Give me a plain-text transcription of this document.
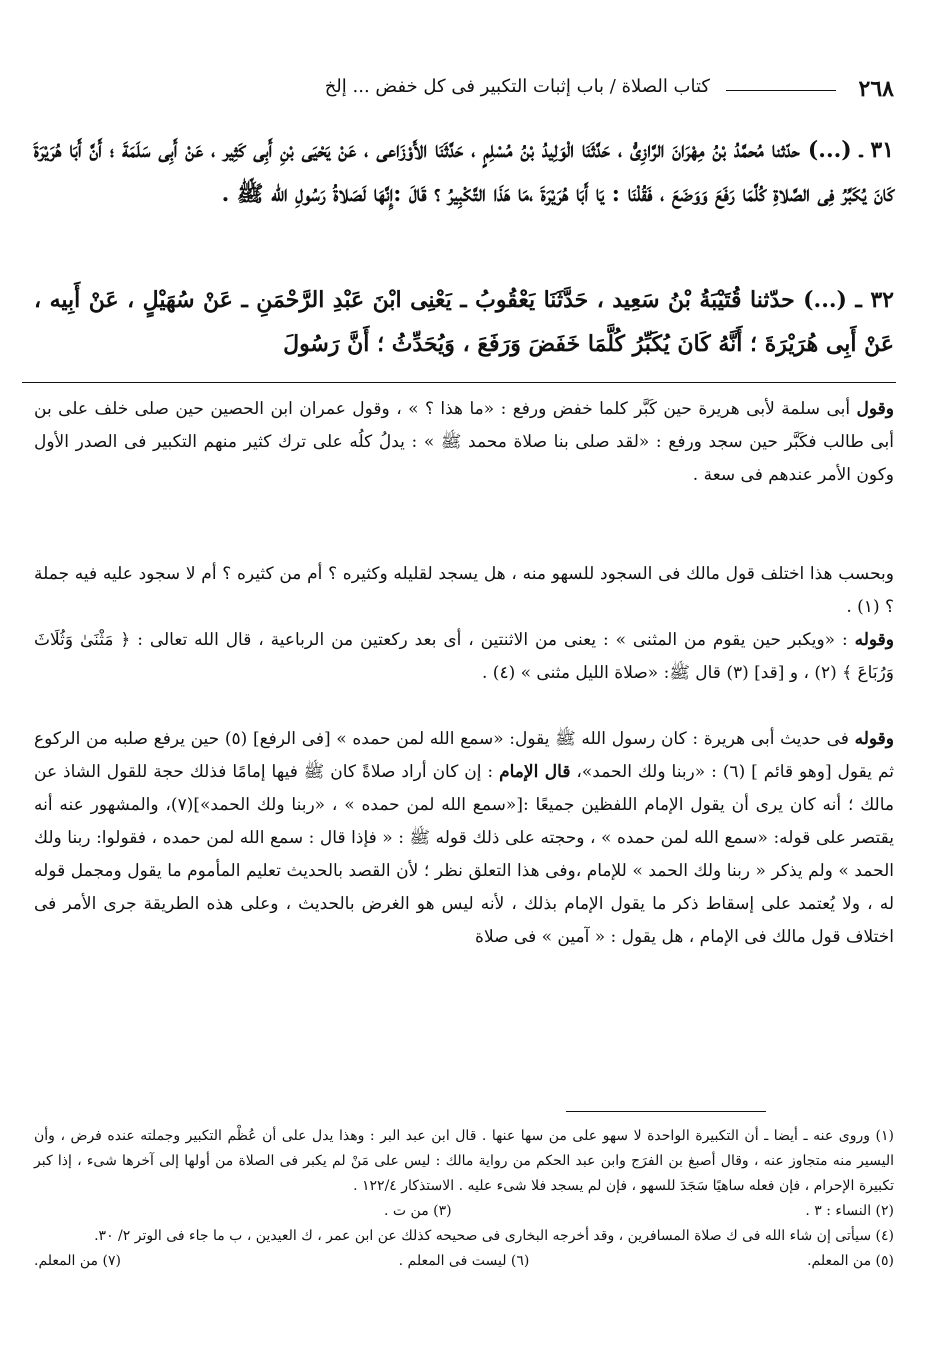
٢٦٨
كتاب الصلاة / باب إثبات التكبير فى كل خفض ... إلخ

٣١ ـ (...) حدّثنا مُحمَّدُ بْنُ مِهْرَانَ الرَّازِىُّ ، حَدَّثَنَا الْوَلِيدُ بْنُ مُسْلِمٍ ، حَدَّثَنَا الأَوْزَاعى ، عَنْ يَحْيَى بْنِ أَبِى كَثِير ، عَنْ أَبِى سَلَمَةَ ؛ أَنَّ أَبَا هُرَيْرَةَ كَانَ يُكَبِّرُ فِى الصَّلاةِ كُلَّمَا رَفَعَ وَوَضَعَ ، فَقُلْنَا : يَا أَبَا هُرَيْرَةَ ،مَا هَذَا التَّكْبِيرُ ؟ قَالَ :إِنَّهَا لَصَلاةُ رَسُولِ الله ﷺ .

٣٢ ـ (...) حدّثنا قُتَيْبَةُ بْنُ سَعِيد ، حَدَّثَنَا يَعْقُوبُ ـ يَعْنِى ابْنَ عَبْدِ الرَّحْمَنِ ـ عَنْ سُهَيْلٍ ، عَنْ أَبِيه ، عَنْ أَبِى هُرَيْرَةَ ؛ أَنَّهُ كَانَ يُكَبِّرُ كُلَّمَا خَفَضَ وَرَفَعَ ، وَيُحَدِّثُ ؛ أَنَّ رَسُولَ

وقول أبى سلمة لأبى هريرة حين كَبَّر كلما خفض ورفع : «ما هذا ؟ » ، وقول عمران ابن الحصين حين صلى خلف على بن أبى طالب فكَبَّر حين سجد ورفع : «لقد صلى بنا صلاة محمد ﷺ » : يدلُ كلُه على ترك كثير منهم التكبير فى الصدر الأول وكون الأمر عندهم فى سعة .

وبحسب هذا اختلف قول مالك فى السجود للسهو منه ، هل يسجد لقليله وكثيره ؟ أم من كثيره ؟ أم لا سجود عليه فيه جملة ؟ (١) .

وقوله : «ويكبر حين يقوم من المثنى » : يعنى من الاثنتين ، أى بعد ركعتين من الرباعية ، قال الله تعالى : ﴿ مَثْنَىٰ وَثُلَاثَ وَرُبَاعَ ﴾ (٢) ، و [قد] (٣) قال ﷺ: «صلاة الليل مثنى » (٤) .

وقوله فى حديث أبى هريرة : كان رسول الله ﷺ يقول: «سمع الله لمن حمده » [فى الرفع] (٥) حين يرفع صلبه من الركوع ثم يقول [وهو قائم ] (٦) : «ربنا ولك الحمد»، قال الإمام : إن كان أراد صلاةً كان ﷺ فيها إمامًا فذلك حجة للقول الشاذ عن مالك ؛ أنه كان يرى أن يقول الإمام اللفظين جميعًا :[«سمع الله لمن حمده » ، «ربنا ولك الحمد»](٧)، والمشهور عنه أنه يقتصر على قوله: «سمع الله لمن حمده » ، وحجته على ذلك قوله ﷺ : « فإذا قال : سمع الله لمن حمده ، فقولوا: ربنا ولك الحمد » ولم يذكر « ربنا ولك الحمد » للإمام ،وفى هذا التعلق نظر ؛ لأن القصد بالحديث تعليم المأموم ما يقول ومجمل قوله له ، ولا يُعتمد على إسقاط ذكر ما يقول الإمام بذلك ، لأنه ليس هو الغرض بالحديث ، وعلى هذه الطريقة جرى الأمر فى اختلاف قول مالك فى الإمام ، هل يقول : « آمين » فى صلاة

(١) وروى عنه ـ أيضا ـ أن التكبيرة الواحدة لا سهو على من سها عنها . قال ابن عبد البر : وهذا يدل على أن عُظْم التكبير وجملته عنده فرض ، وأن اليسير منه متجاوز عنه ، وقال أصبغ بن الفرَج وابن عبد الحكم من رواية مالك : ليس على مَنْ لم يكبر فى الصلاة من أولها إلى آخرها شىء ، إذا كبر تكبيرة الإحرام ، فإن فعله ساهيًا سَجَدَ للسهو ، فإن لم يسجد فلا شىء عليه . الاستذكار ١٢٢/٤ .

(٢) النساء : ٣ .
(٣) من ت .

(٤) سيأتى إن شاء الله فى ك صلاة المسافرين ، وقد أخرجه البخارى فى صحيحه كذلك عن ابن عمر ، ك العيدين ، ب ما جاء فى الوتر ٢/ ٣٠.

(٥) من المعلم.
(٦) ليست فى المعلم .
(٧) من المعلم.
